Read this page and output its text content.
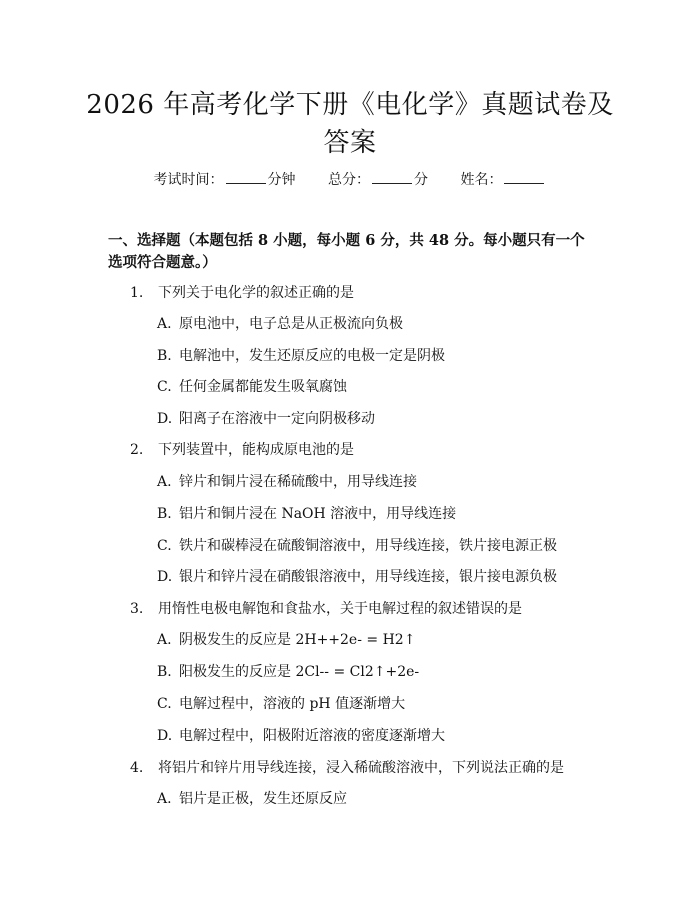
2026 年高考化学下册《电化学》真题试卷及
答案
考试时间：	分钟 总分：	分 姓名：
一、选择题（本题包括 8 小题，每小题 6 分，共 48 分。每小题只有一个选项符合题意。）
1. 下列关于电化学的叙述正确的是
A. 原电池中，电子总是从正极流向负极
B. 电解池中，发生还原反应的电极一定是阴极
C. 任何金属都能发生吸氧腐蚀
D. 阳离子在溶液中一定向阴极移动
2. 下列装置中，能构成原电池的是
A. 锌片和铜片浸在稀硫酸中，用导线连接
B. 铝片和铜片浸在 NaOH 溶液中，用导线连接
C. 铁片和碳棒浸在硫酸铜溶液中，用导线连接，铁片接电源正极
D. 银片和锌片浸在硝酸银溶液中，用导线连接，银片接电源负极
3. 用惰性电极电解饱和食盐水，关于电解过程的叙述错误的是
A. 阴极发生的反应是 2H++2e- = H2↑
B. 阳极发生的反应是 2Cl-- = Cl2↑+2e-
C. 电解过程中，溶液的 pH 值逐渐增大
D. 电解过程中，阳极附近溶液的密度逐渐增大
4. 将铝片和锌片用导线连接，浸入稀硫酸溶液中，下列说法正确的是
A. 铝片是正极，发生还原反应
